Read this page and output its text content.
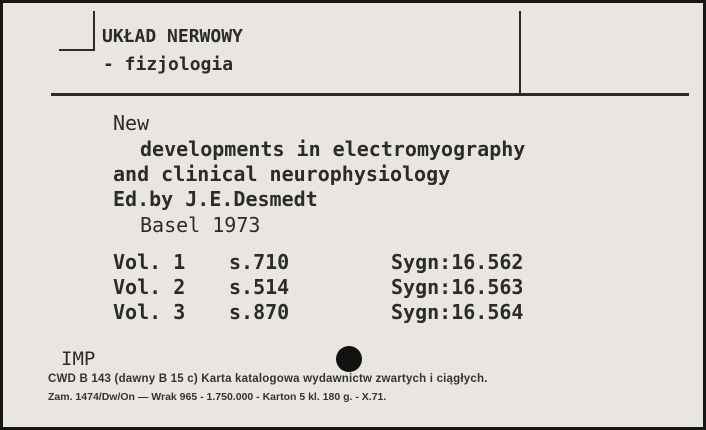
UKŁAD NERWOWY
- fizjologia
New
developments in electromyography
and clinical neurophysiology
Ed.by J.E.Desmedt
Basel 1973
Vol. 1 s.710	Sygn:16.562
Vol. 2 s.514	Sygn:16.563
Vol. 3 s.870	Sygn:16.564
IMP
CWD B 143 (dawny B 15 c) Karta katalogowa wydawnictw zwartych i ciągłych.
Zam. 1474/Dw/On — Wrak 965 - 1.750.000 - Karton 5 kl. 180 g. - X.71.
